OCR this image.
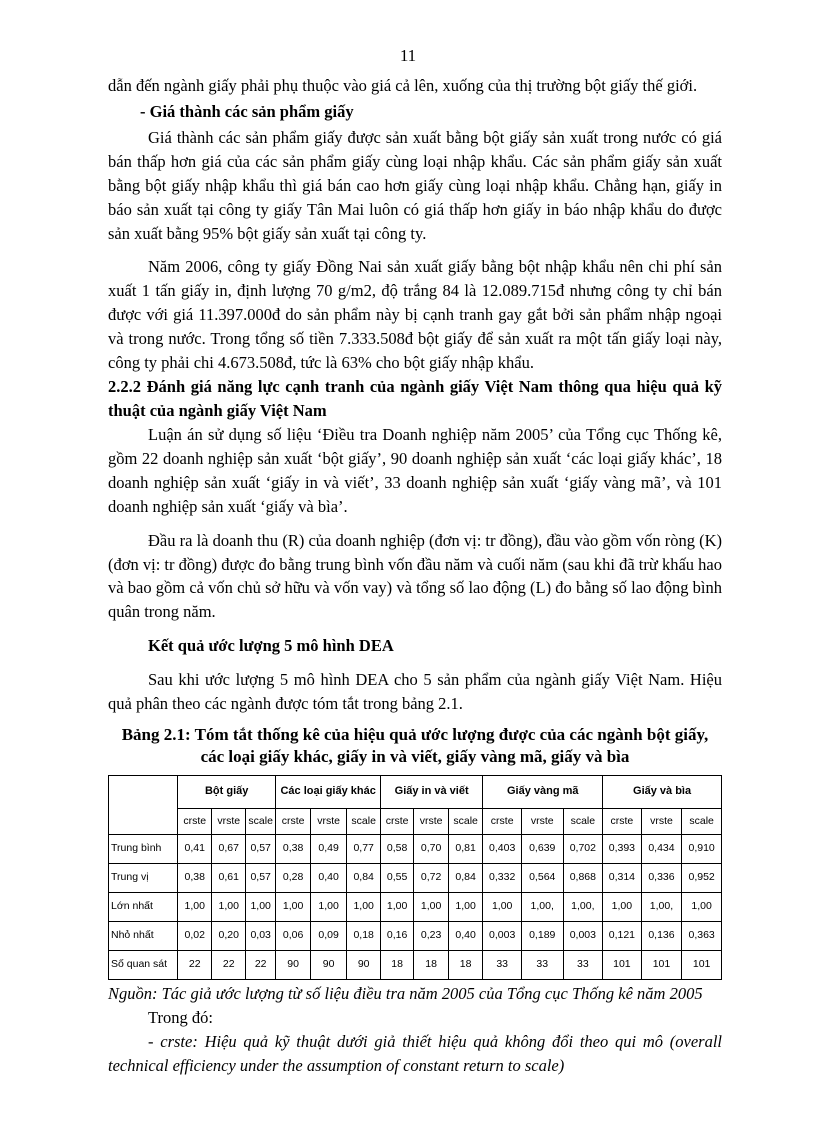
11

dẫn đến ngành giấy phải phụ thuộc vào giá cả lên, xuống của thị trường bột giấy thế giới.

- Giá thành các sản phẩm giấy

Giá thành các sản phẩm giấy được sản xuất bằng bột giấy sản xuất trong nước có giá bán thấp hơn giá của các sản phẩm giấy cùng loại nhập khẩu. Các sản phẩm giấy sản xuất bằng bột giấy nhập khẩu thì giá bán cao hơn giấy cùng loại nhập khẩu. Chẳng hạn, giấy in báo sản xuất tại công ty giấy Tân Mai luôn có giá thấp hơn giấy in báo nhập khẩu do được sản xuất bằng 95% bột giấy sản xuất tại công ty.

Năm 2006, công ty giấy Đồng Nai sản xuất giấy bằng bột nhập khẩu nên chi phí sản xuất 1 tấn giấy in, định lượng 70 g/m2, độ trắng 84 là 12.089.715đ nhưng công ty chỉ bán được với giá 11.397.000đ do sản phẩm này bị cạnh tranh gay gắt bởi sản phẩm nhập ngoại và trong nước. Trong tổng số tiền 7.333.508đ bột giấy để sản xuất ra một tấn giấy loại này, công ty phải chi 4.673.508đ, tức là 63% cho bột giấy nhập khẩu.

2.2.2 Đánh giá năng lực cạnh tranh của ngành giấy Việt Nam thông qua hiệu quả kỹ thuật của ngành giấy Việt Nam

Luận án sử dụng số liệu ‘Điều tra Doanh nghiệp năm 2005’ của Tổng cục Thống kê, gồm 22 doanh nghiệp sản xuất ‘bột giấy’, 90 doanh nghiệp sản xuất ‘các loại giấy khác’, 18 doanh nghiệp sản xuất ‘giấy in và viết’, 33 doanh nghiệp sản xuất ‘giấy vàng mã’, và 101 doanh nghiệp sản xuất ‘giấy và bìa’.

Đầu ra là doanh thu (R) của doanh nghiệp (đơn vị: tr đồng), đầu vào gồm vốn ròng (K) (đơn vị: tr đồng) được đo bằng trung bình vốn đầu năm và cuối năm (sau khi đã trừ khấu hao và bao gồm cả vốn chủ sở hữu và vốn vay) và tổng số lao động (L) đo bằng số lao động bình quân trong năm.

Kết quả ước lượng 5 mô hình DEA

Sau khi ước lượng 5 mô hình DEA cho 5 sản phẩm của ngành giấy Việt Nam. Hiệu quả phân theo các ngành được tóm tắt trong bảng 2.1.

Bảng 2.1: Tóm tắt thống kê của hiệu quả ước lượng được của các ngành bột giấy,
các loại giấy khác, giấy in và viết, giấy vàng mã, giấy và bìa
	Bột giấy			Các loại giấy khác			Giấy in và viết			Giấy vàng mã			Giấy và bìa		
	crste	vrste	scale	crste	vrste	scale	crste	vrste	scale	crste	vrste	scale	crste	vrste	scale
Trung bình	0,41	0,67	0,57	0,38	0,49	0,77	0,58	0,70	0,81	0,403	0,639	0,702	0,393	0,434	0,910
Trung vị	0,38	0,61	0,57	0,28	0,40	0,84	0,55	0,72	0,84	0,332	0,564	0,868	0,314	0,336	0,952
Lớn nhất	1,00	1,00	1,00	1,00	1,00	1,00	1,00	1,00	1,00	1,00	1,00,	1,00,	1,00	1,00,	1,00
Nhỏ nhất	0,02	0,20	0,03	0,06	0,09	0,18	0,16	0,23	0,40	0,003	0,189	0,003	0,121	0,136	0,363
Số quan sát	22	22	22	90	90	90	18	18	18	33	33	33	101	101	101

Nguồn: Tác giả ước lượng từ số liệu điều tra năm 2005 của Tổng cục Thống kê năm 2005

Trong đó:

- crste: Hiệu quả kỹ thuật dưới giả thiết hiệu quả không đổi theo qui mô (overall technical efficiency under the assumption of constant return to scale)
